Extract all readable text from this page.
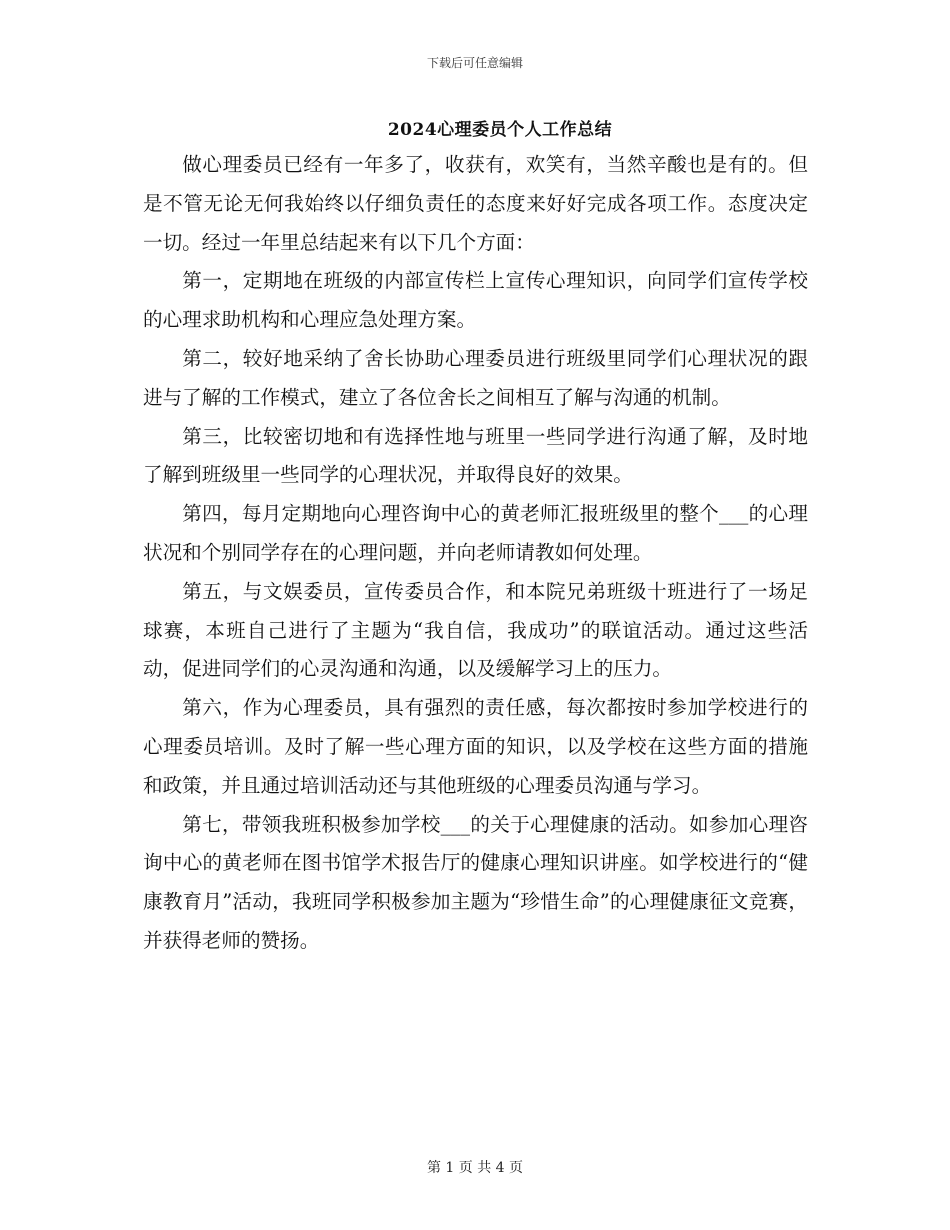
下载后可任意编辑
2024心理委员个人工作总结

做心理委员已经有一年多了，收获有，欢笑有，当然辛酸也是有的。但是不管无论无何我始终以仔细负责任的态度来好好完成各项工作。态度决定一切。经过一年里总结起来有以下几个方面：

第一，定期地在班级的内部宣传栏上宣传心理知识，向同学们宣传学校的心理求助机构和心理应急处理方案。

第二，较好地采纳了舍长协助心理委员进行班级里同学们心理状况的跟进与了解的工作模式，建立了各位舍长之间相互了解与沟通的机制。

第三，比较密切地和有选择性地与班里一些同学进行沟通了解，及时地了解到班级里一些同学的心理状况，并取得良好的效果。

第四，每月定期地向心理咨询中心的黄老师汇报班级里的整个___的心理状况和个别同学存在的心理问题，并向老师请教如何处理。

第五，与文娱委员，宣传委员合作，和本院兄弟班级十班进行了一场足球赛，本班自己进行了主题为“我自信，我成功”的联谊活动。通过这些活动，促进同学们的心灵沟通和沟通，以及缓解学习上的压力。

第六，作为心理委员，具有强烈的责任感，每次都按时参加学校进行的心理委员培训。及时了解一些心理方面的知识，以及学校在这些方面的措施和政策，并且通过培训活动还与其他班级的心理委员沟通与学习。

第七，带领我班积极参加学校___的关于心理健康的活动。如参加心理咨询中心的黄老师在图书馆学术报告厅的健康心理知识讲座。如学校进行的“健康教育月”活动，我班同学积极参加主题为“珍惜生命”的心理健康征文竞赛，并获得老师的赞扬。

第 1 页 共 4 页
